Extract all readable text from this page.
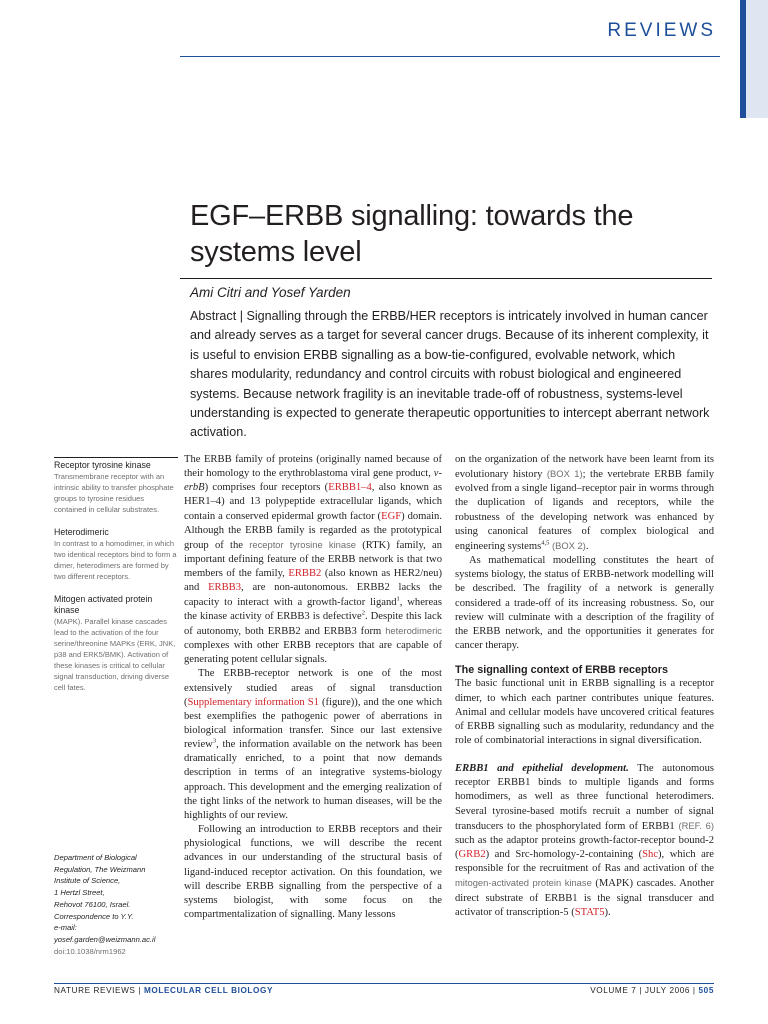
REVIEWS
EGF–ERBB signalling: towards the systems level
Ami Citri and Yosef Yarden
Abstract | Signalling through the ERBB/HER receptors is intricately involved in human cancer and already serves as a target for several cancer drugs. Because of its inherent complexity, it is useful to envision ERBB signalling as a bow-tie-configured, evolvable network, which shares modularity, redundancy and control circuits with robust biological and engineered systems. Because network fragility is an inevitable trade-off of robustness, systems-level understanding is expected to generate therapeutic opportunities to intercept aberrant network activation.
Receptor tyrosine kinase
Transmembrane receptor with an intrinsic ability to transfer phosphate groups to tyrosine residues contained in cellular substrates.
Heterodimeric
In contrast to a homodimer, in which two identical receptors bind to form a dimer, heterodimers are formed by two different receptors.
Mitogen activated protein kinase
(MAPK). Parallel kinase cascades lead to the activation of the four serine/threonine MAPKs (ERK, JNK, p38 and ERK5/BMK). Activation of these kinases is critical to cellular signal transduction, driving diverse cell fates.
Department of Biological
Regulation, The Weizmann
Institute of Science,
1 Hertzl Street,
Rehovot 76100, Israel.
Correspondence to Y.Y.
e-mail:
yosef.garden@weizmann.ac.il
doi:10.1038/nrm1962

The ERBB family of proteins (originally named because of their homology to the erythroblastoma viral gene product, v-erbB) comprises four receptors (ERBB1–4, also known as HER1–4) and 13 polypeptide extracellular ligands, which contain a conserved epidermal growth factor (EGF) domain. Although the ERBB family is regarded as the prototypical group of the receptor tyrosine kinase (RTK) family, an important defining feature of the ERBB network is that two members of the family, ERBB2 (also known as HER2/neu) and ERBB3, are non-autonomous. ERBB2 lacks the capacity to interact with a growth-factor ligand$^1$, whereas the kinase activity of ERBB3 is defective$^2$. Despite this lack of autonomy, both ERBB2 and ERBB3 form heterodimeric complexes with other ERBB receptors that are capable of generating potent cellular signals.

The ERBB-receptor network is one of the most extensively studied areas of signal transduction (Supplementary information S1 (figure)), and the one which best exemplifies the pathogenic power of aberrations in biological information transfer. Since our last extensive review$^3$, the information available on the network has been dramatically enriched, to a point that now demands description in terms of an integrative systems-biology approach. This development and the emerging realization of the tight links of the network to human diseases, will be the highlights of our review.

Following an introduction to ERBB receptors and their physiological functions, we will describe the recent advances in our understanding of the structural basis of ligand-induced receptor activation. On this foundation, we will describe ERBB signalling from the perspective of a systems biologist, with some focus on the compartmentalization of signalling. Many lessons

on the organization of the network have been learnt from its evolutionary history (BOX 1); the vertebrate ERBB family evolved from a single ligand–receptor pair in worms through the duplication of ligands and receptors, while the robustness of the developing network was enhanced by using canonical features of complex biological and engineering systems$^{4,5}$ (BOX 2).

As mathematical modelling constitutes the heart of systems biology, the status of ERBB-network modelling will be described. The fragility of a network is generally considered a trade-off of its increasing robustness. So, our review will culminate with a description of the fragility of the ERBB network, and the opportunities it generates for cancer therapy.

The signalling context of ERBB receptors

The basic functional unit in ERBB signalling is a receptor dimer, to which each partner contributes unique features. Animal and cellular models have uncovered critical features of ERBB signalling such as modularity, redundancy and the role of combinatorial interactions in signal diversification.

ERBB1 and epithelial development. The autonomous receptor ERBB1 binds to multiple ligands and forms homodimers, as well as three functional heterodimers. Several tyrosine-based motifs recruit a number of signal transducers to the phosphorylated form of ERBB1 (REF. 6) such as the adaptor proteins growth-factor-receptor bound-2 (GRB2) and Src-homology-2-containing (Shc), which are responsible for the recruitment of Ras and activation of the mitogen-activated protein kinase (MAPK) cascades. Another direct substrate of ERBB1 is the signal transducer and activator of transcription-5 (STAT5).

NATURE REVIEWS | MOLECULAR CELL BIOLOGY	VOLUME 7 | JULY 2006 | 505
